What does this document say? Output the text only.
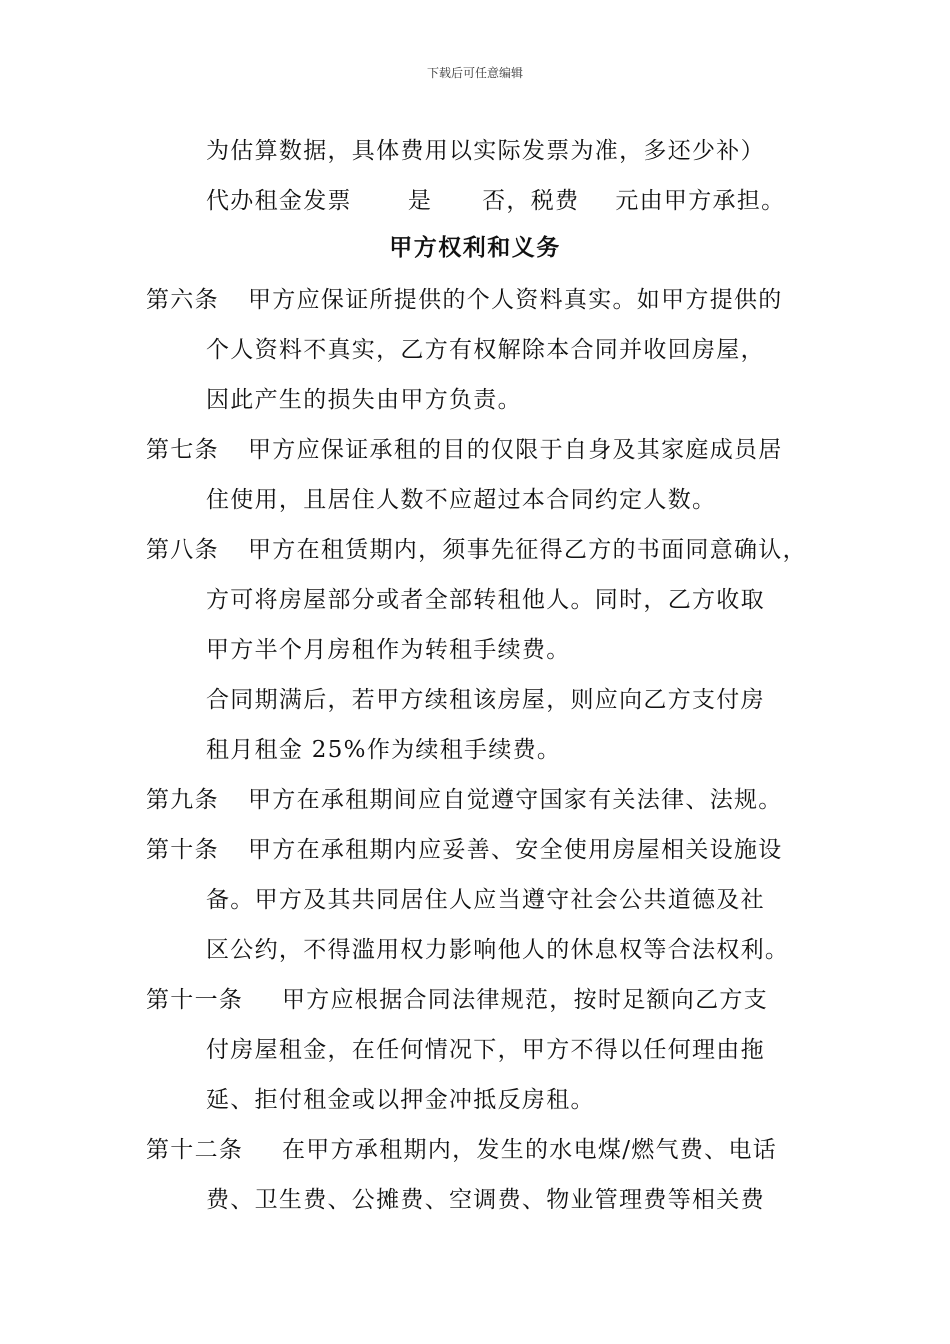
下载后可任意编辑
为估算数据，具体费用以实际发票为准，多还少补）
代办租金发票 是 否，税费 元由甲方承担。
甲方权利和义务
第六条 甲方应保证所提供的个人资料真实。如甲方提供的
个人资料不真实，乙方有权解除本合同并收回房屋，
因此产生的损失由甲方负责。
第七条 甲方应保证承租的目的仅限于自身及其家庭成员居
住使用，且居住人数不应超过本合同约定人数。
第八条 甲方在租赁期内，须事先征得乙方的书面同意确认，
方可将房屋部分或者全部转租他人。同时，乙方收取
甲方半个月房租作为转租手续费。
合同期满后，若甲方续租该房屋，则应向乙方支付房
租月租金 25%作为续租手续费。
第九条 甲方在承租期间应自觉遵守国家有关法律、法规。
第十条 甲方在承租期内应妥善、安全使用房屋相关设施设
备。甲方及其共同居住人应当遵守社会公共道德及社
区公约，不得滥用权力影响他人的休息权等合法权利。
第十一条 甲方应根据合同法律规范，按时足额向乙方支
付房屋租金，在任何情况下，甲方不得以任何理由拖
延、拒付租金或以押金冲抵反房租。
第十二条 在甲方承租期内，发生的水电煤/燃气费、电话
费、卫生费、公摊费、空调费、物业管理费等相关费
